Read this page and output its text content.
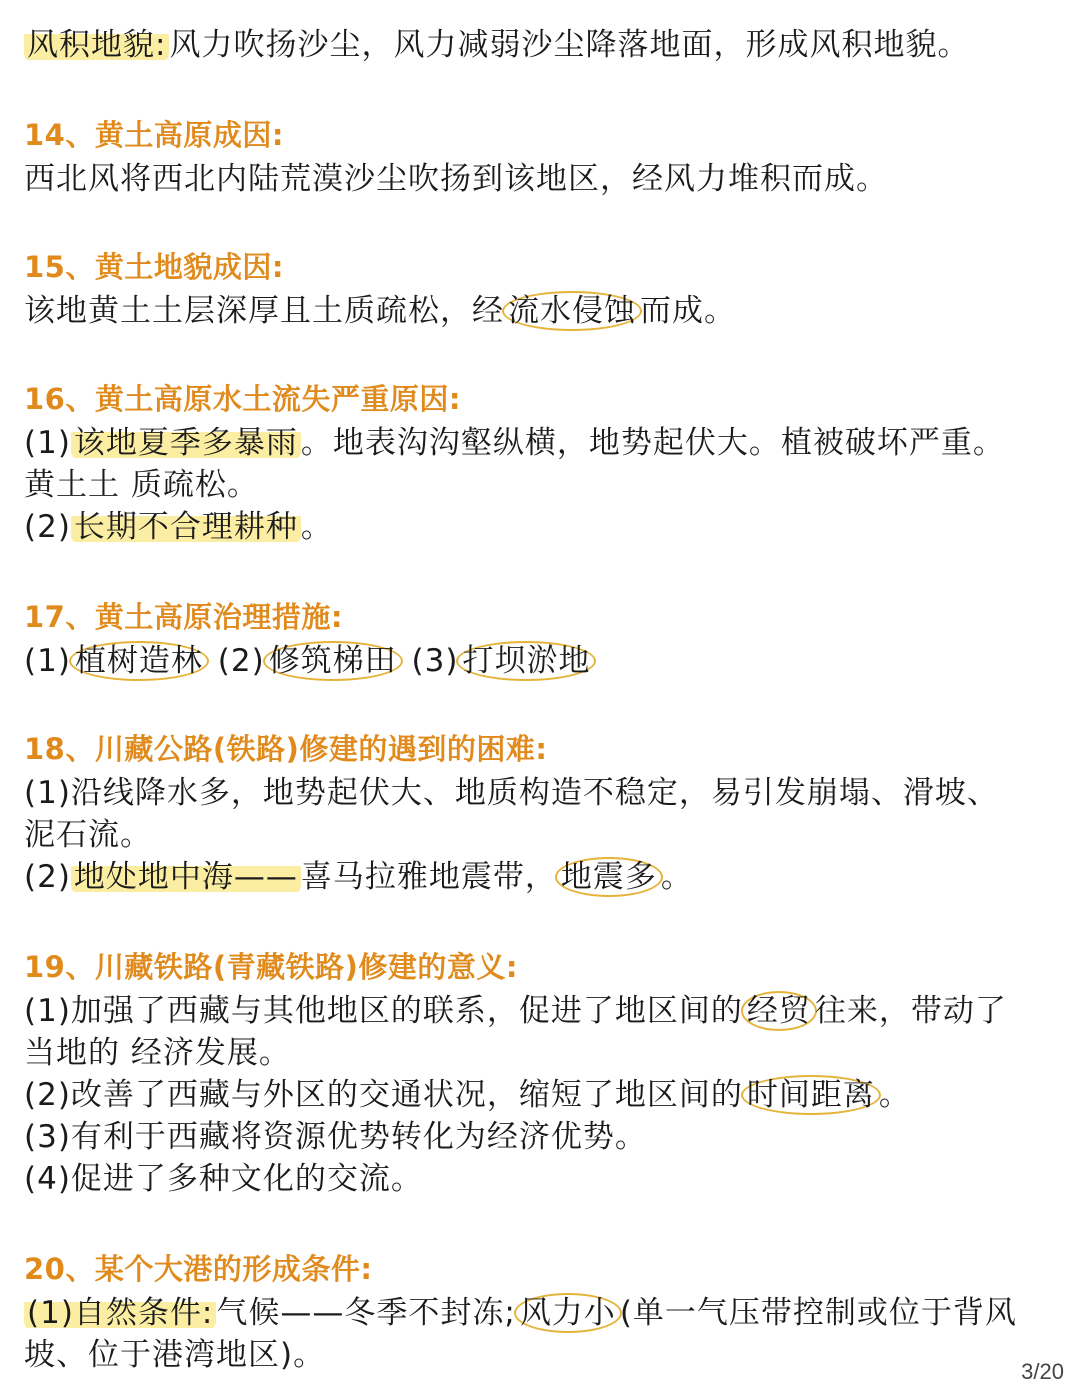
风积地貌:风力吹扬沙尘，风力减弱沙尘降落地面，形成风积地貌。
14、黄土高原成因:
西北风将西北内陆荒漠沙尘吹扬到该地区，经风力堆积而成。
15、黄土地貌成因:
该地黄土土层深厚且土质疏松，经 流水侵蚀 而成。
16、黄土高原水土流失严重原因:
(1)该地夏季多暴雨。地表沟沟壑纵横，地势起伏大。植被破坏严重。
黄土土 质疏松。
(2)长期不合理耕种。
17、黄土高原治理措施:
(1) 植树造林 (2) 修筑梯田 (3) 打坝淤地
18、川藏公路(铁路)修建的遇到的困难:
(1)沿线降水多，地势起伏大、地质构造不稳定，易引发崩塌、滑坡、
泥石流。
(2)地处地中海——喜马拉雅地震带， 地震多 。
19、川藏铁路(青藏铁路)修建的意义:
(1)加强了西藏与其他地区的联系，促进了地区间的 经贸 往来，带动了
当地的 经济发展。
(2)改善了西藏与外区的交通状况，缩短了地区间的 时间距离 。
(3)有利于西藏将资源优势转化为经济优势。
(4)促进了多种文化的交流。
20、某个大港的形成条件:
(1)自然条件:气候——冬季不封冻; 风力小 (单一气压带控制或位于背风
坡、位于港湾地区)。	3/20
